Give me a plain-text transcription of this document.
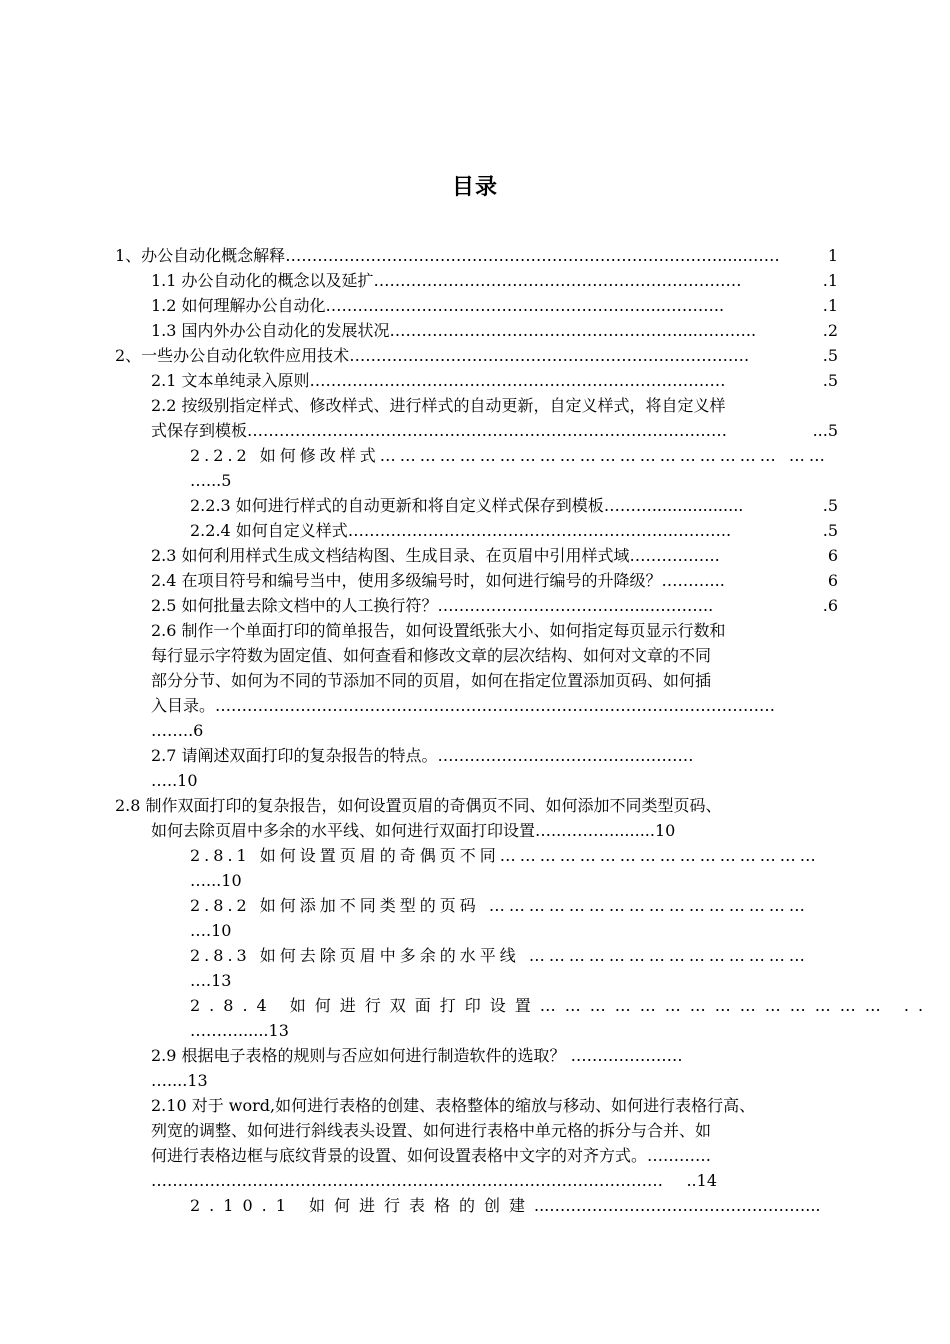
目录
1、办公自动化概念解释 ………………………………………………………………………......……	1
1.1 办公自动化的概念以及延扩 ……………………………………………………………	.1
1.2 如何理解办公自动化 ……………………………………………………....………..	.1
1.3 国内外办公自动化的发展状况 ………………………………………………....………..	.2
2、一些办公自动化软件应用技术 …………………………………………………………………	.5
2.1 文本单纯录入原则 ……………………………………………………………………	.5
2.2 按级别指定样式、修改样式、进行样式的自动更新，自定义样式，将自定义样
式保存到模板 ………………………………………………………………………………	...5
2.2.2 如何修改样式…………………………………………………… ……
…...5
2.2.3 如何进行样式的自动更新和将自定义样式保存到模板 ………..................	.5
2.2.4 如何自定义样式 …………………………………………………….………..	.5
2.3 如何利用样式生成文档结构图、生成目录、在页眉中引用样式域 ……………..	6
2.4 在项目符号和编号当中，使用多级编号时，如何进行编号的升降级？ ………...	6
2.5 如何批量去除文档中的人工换行符？ ……………………………….....………..	.6
2.6 制作一个单面打印的简单报告，如何设置纸张大小、如何指定每页显示行数和
每行显示字符数为固定值、如何查看和修改文章的层次结构、如何对文章的不同
部分分节、如何为不同的节添加不同的页眉，如何在指定位置添加页码、如何插
入目录。 ……………………………………………………………………………………………
……..6
2.7 请阐述双面打印的复杂报告的特点。…………………………………………
…..10
2.8 制作双面打印的复杂报告，如何设置页眉的奇偶页不同、如何添加不同类型页码、
如何去除页眉中多余的水平线、如何进行双面打印设置…..……….........10
2.8.1 如何设置页眉的奇偶页不同…………………………………………
…...10
2.8.2 如何添加不同类型的页码 …………………………………………
….10
2.8.3 如何去除页眉中多余的水平线 ……………………………………
….13
2.8.4 如何进行双面打印设置…………………………………… ..
………......13
2.9 根据电子表格的规则与否应如何进行制造软件的选取？ …………………
…....13
2.10 对于 word,如何进行表格的创建、表格整体的缩放与移动、如何进行表格行高、
列宽的调整、如何进行斜线表头设置、如何进行表格中单元格的拆分与合并、如
何进行表格边框与底纹背景的设置、如何设置表格中文字的对齐方式。 …………
……………………………………………………………………………………	..14
2.10.1 如何进行表格的创建 ...…………………………………………...
